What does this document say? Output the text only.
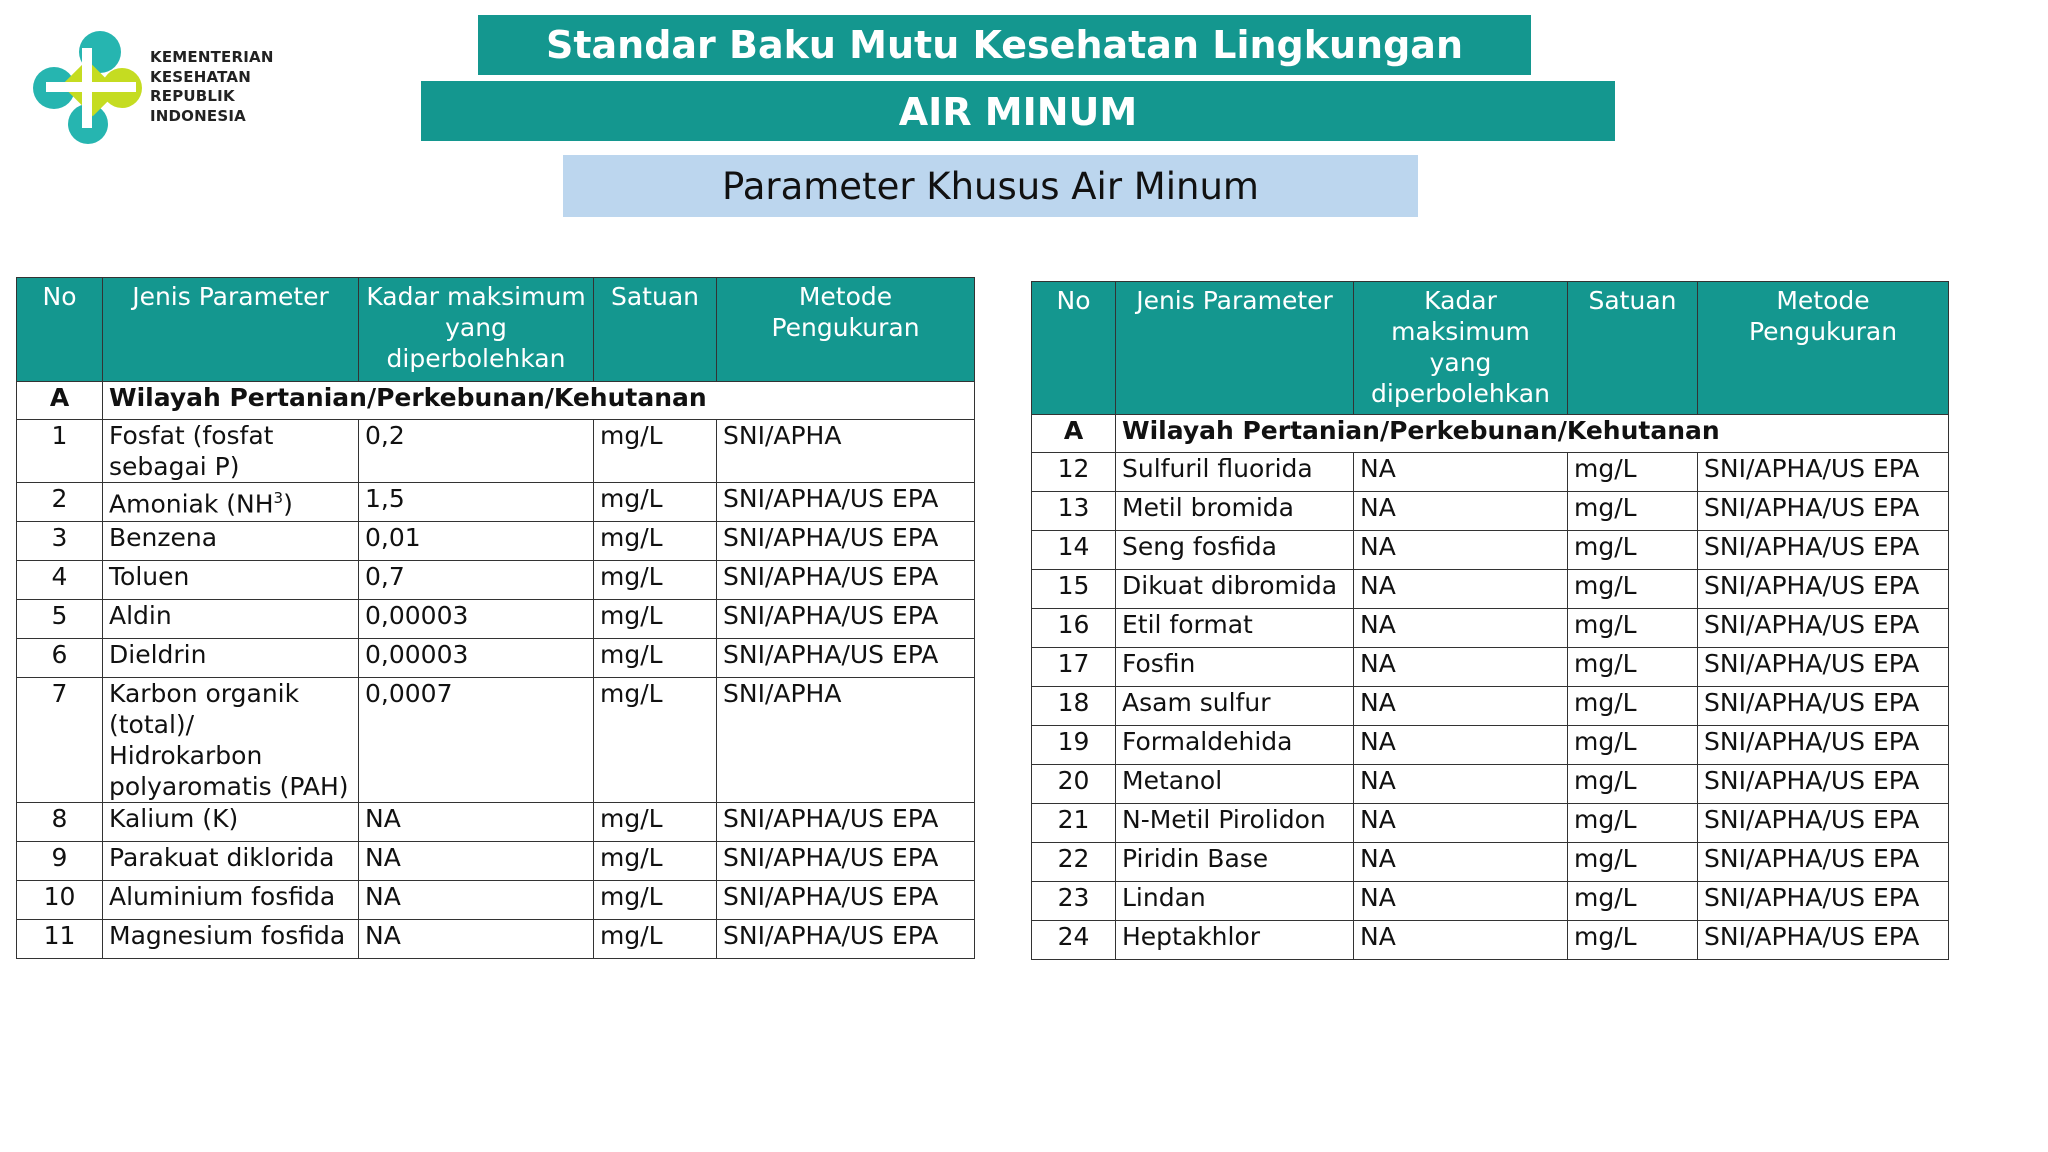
KEMENTERIAN
KESEHATAN
REPUBLIK
INDONESIA
Standar Baku Mutu Kesehatan Lingkungan
AIR MINUM
Parameter Khusus Air Minum
No	Jenis Parameter	Kadar maksimum yang diperbolehkan	Satuan	Metode Pengukuran
A	Wilayah Pertanian/Perkebunan/Kehutanan			
1	Fosfat (fosfat sebagai P)	0,2	mg/L	SNI/APHA
2	Amoniak $(NH^3)$	1,5	mg/L	SNI/APHA/US EPA
3	Benzena	0,01	mg/L	SNI/APHA/US EPA
4	Toluen	0,7	mg/L	SNI/APHA/US EPA
5	Aldin	0,00003	mg/L	SNI/APHA/US EPA
6	Dieldrin	0,00003	mg/L	SNI/APHA/US EPA
7	Karbon organik (total)/ Hidrokarbon polyaromatis (PAH)	0,0007	mg/L	SNI/APHA
8	Kalium (K)	NA	mg/L	SNI/APHA/US EPA
9	Parakuat diklorida	NA	mg/L	SNI/APHA/US EPA
10	Aluminium fosfida	NA	mg/L	SNI/APHA/US EPA
11	Magnesium fosfida	NA	mg/L	SNI/APHA/US EPA
No	Jenis Parameter	Kadar maksimum yang diperbolehkan	Satuan	Metode Pengukuran
A	Wilayah Pertanian/Perkebunan/Kehutanan			
12	Sulfuril fluorida	NA	mg/L	SNI/APHA/US EPA
13	Metil bromida	NA	mg/L	SNI/APHA/US EPA
14	Seng fosfida	NA	mg/L	SNI/APHA/US EPA
15	Dikuat dibromida	NA	mg/L	SNI/APHA/US EPA
16	Etil format	NA	mg/L	SNI/APHA/US EPA
17	Fosfin	NA	mg/L	SNI/APHA/US EPA
18	Asam sulfur	NA	mg/L	SNI/APHA/US EPA
19	Formaldehida	NA	mg/L	SNI/APHA/US EPA
20	Metanol	NA	mg/L	SNI/APHA/US EPA
21	N-Metil Pirolidon	NA	mg/L	SNI/APHA/US EPA
22	Piridin Base	NA	mg/L	SNI/APHA/US EPA
23	Lindan	NA	mg/L	SNI/APHA/US EPA
24	Heptakhlor	NA	mg/L	SNI/APHA/US EPA
